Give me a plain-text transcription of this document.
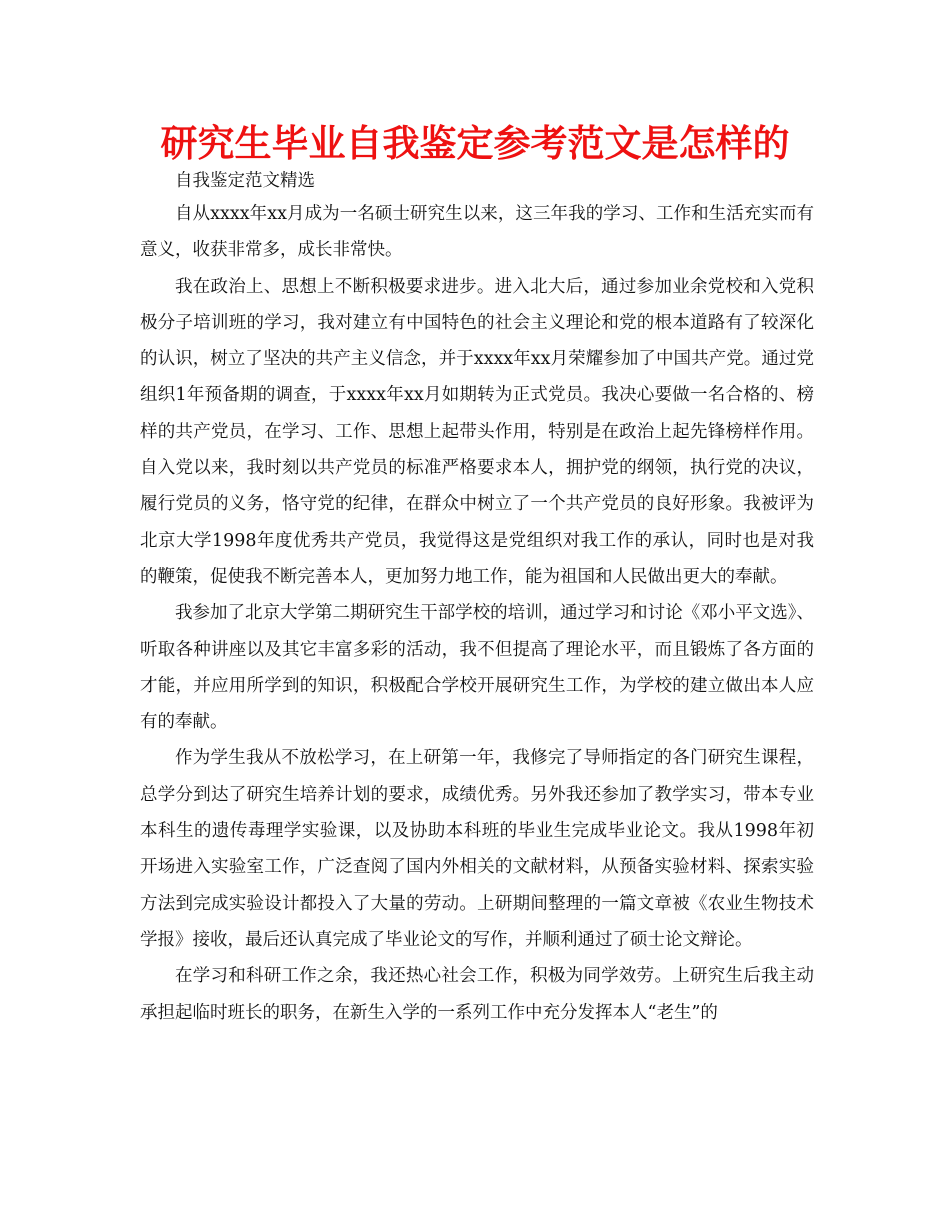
研究生毕业自我鉴定参考范文是怎样的

自我鉴定范文精选

自从xxxx年xx月成为一名硕士研究生以来，这三年我的学习、工作和生活充实而有意义，收获非常多，成长非常快。

我在政治上、思想上不断积极要求进步。进入北大后，通过参加业余党校和入党积极分子培训班的学习，我对建立有中国特色的社会主义理论和党的根本道路有了较深化的认识，树立了坚决的共产主义信念，并于xxxx年xx月荣耀参加了中国共产党。通过党组织1年预备期的调查，于xxxx年xx月如期转为正式党员。我决心要做一名合格的、榜样的共产党员，在学习、工作、思想上起带头作用，特别是在政治上起先锋榜样作用。自入党以来，我时刻以共产党员的标准严格要求本人，拥护党的纲领，执行党的决议，履行党员的义务，恪守党的纪律，在群众中树立了一个共产党员的良好形象。我被评为北京大学1998年度优秀共产党员，我觉得这是党组织对我工作的承认，同时也是对我的鞭策，促使我不断完善本人，更加努力地工作，能为祖国和人民做出更大的奉献。

我参加了北京大学第二期研究生干部学校的培训，通过学习和讨论《邓小平文选》、听取各种讲座以及其它丰富多彩的活动，我不但提高了理论水平，而且锻炼了各方面的才能，并应用所学到的知识，积极配合学校开展研究生工作，为学校的建立做出本人应有的奉献。

作为学生我从不放松学习，在上研第一年，我修完了导师指定的各门研究生课程，总学分到达了研究生培养计划的要求，成绩优秀。另外我还参加了教学实习，带本专业本科生的遗传毒理学实验课，以及协助本科班的毕业生完成毕业论文。我从1998年初开场进入实验室工作，广泛查阅了国内外相关的文献材料，从预备实验材料、探索实验方法到完成实验设计都投入了大量的劳动。上研期间整理的一篇文章被《农业生物技术学报》接收，最后还认真完成了毕业论文的写作，并顺利通过了硕士论文辩论。

在学习和科研工作之余，我还热心社会工作，积极为同学效劳。上研究生后我主动承担起临时班长的职务，在新生入学的一系列工作中充分发挥本人“老生”的
